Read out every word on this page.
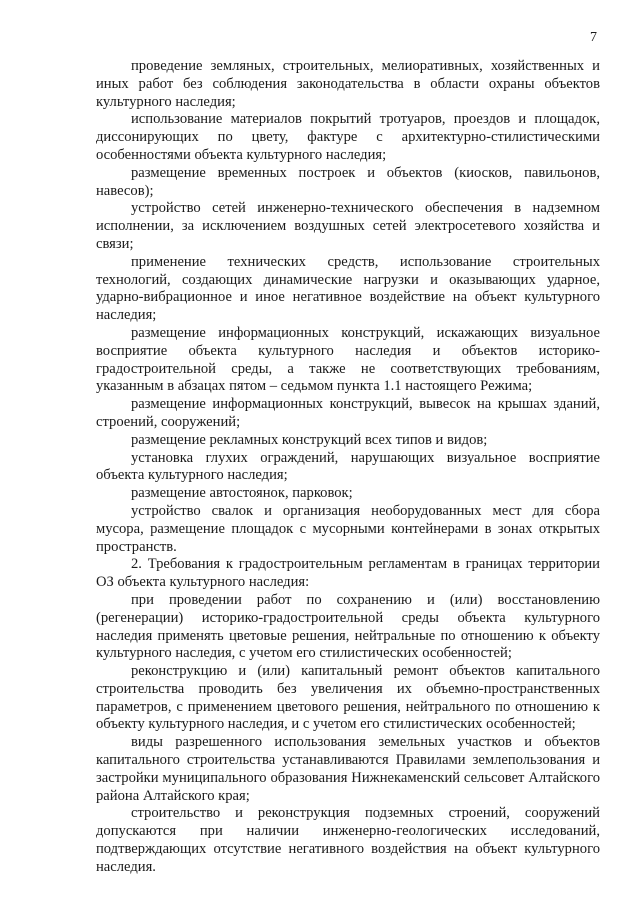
7

проведение земляных, строительных, мелиоративных, хозяйственных и иных работ без соблюдения законодательства в области охраны объектов культурного наследия;

использование материалов покрытий тротуаров, проездов и площадок, диссонирующих по цвету, фактуре с архитектурно-стилистическими особенностями объекта культурного наследия;

размещение временных построек и объектов (киосков, павильонов, навесов);

устройство сетей инженерно-технического обеспечения в надземном исполнении, за исключением воздушных сетей электросетевого хозяйства и связи;

применение технических средств, использование строительных технологий, создающих динамические нагрузки и оказывающих ударное, ударно-вибрационное и иное негативное воздействие на объект культурного наследия;

размещение информационных конструкций, искажающих визуальное восприятие объекта культурного наследия и объектов историко-градостроительной среды, а также не соответствующих требованиям, указанным в абзацах пятом – седьмом пункта 1.1 настоящего Режима;

размещение информационных конструкций, вывесок на крышах зданий, строений, сооружений;

размещение рекламных конструкций всех типов и видов;

установка глухих ограждений, нарушающих визуальное восприятие объекта культурного наследия;

размещение автостоянок, парковок;

устройство свалок и организация необорудованных мест для сбора мусора, размещение площадок с мусорными контейнерами в зонах открытых пространств.

2. Требования к градостроительным регламентам в границах территории ОЗ объекта культурного наследия:

при проведении работ по сохранению и (или) восстановлению (регенерации) историко-градостроительной среды объекта культурного наследия применять цветовые решения, нейтральные по отношению к объекту культурного наследия, с учетом его стилистических особенностей;

реконструкцию и (или) капитальный ремонт объектов капитального строительства проводить без увеличения их объемно-пространственных параметров, с применением цветового решения, нейтрального по отношению к объекту культурного наследия, и с учетом его стилистических особенностей;

виды разрешенного использования земельных участков и объектов капитального строительства устанавливаются Правилами землепользования и застройки муниципального образования Нижнекаменский сельсовет Алтайского района Алтайского края;

строительство и реконструкция подземных строений, сооружений допускаются при наличии инженерно-геологических исследований, подтверждающих отсутствие негативного воздействия на объект культурного наследия.
